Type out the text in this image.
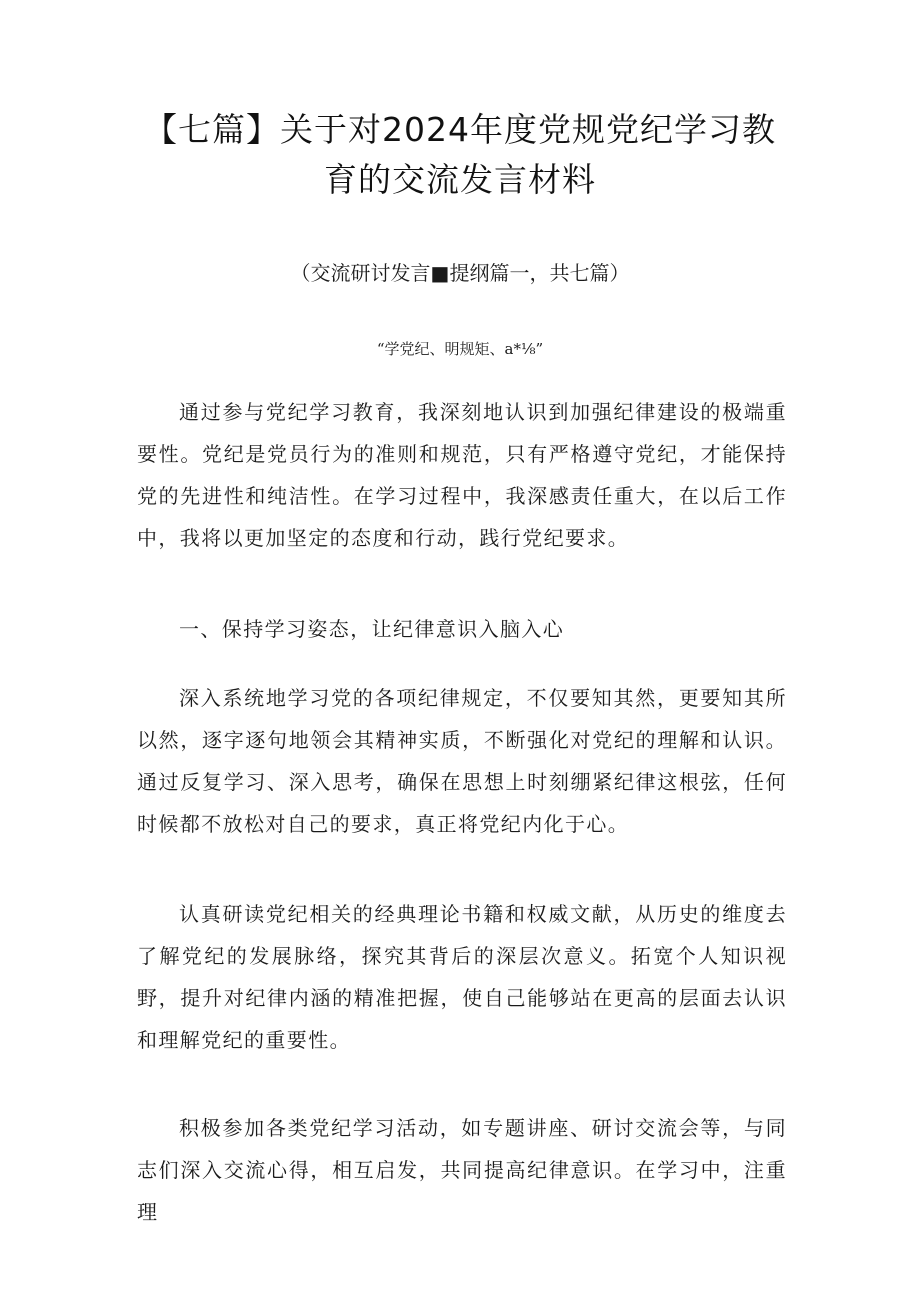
【七篇】关于对2024年度党规党纪学习教
育的交流发言材料
（交流研讨发言■提纲篇一，共七篇）
“学党纪、明规矩、a*⅛”

通过参与党纪学习教育，我深刻地认识到加强纪律建设的极端重要性。党纪是党员行为的准则和规范，只有严格遵守党纪，才能保持党的先进性和纯洁性。在学习过程中，我深感责任重大，在以后工作中，我将以更加坚定的态度和行动，践行党纪要求。

一、保持学习姿态，让纪律意识入脑入心

深入系统地学习党的各项纪律规定，不仅要知其然，更要知其所以然，逐字逐句地领会其精神实质，不断强化对党纪的理解和认识。通过反复学习、深入思考，确保在思想上时刻绷紧纪律这根弦，任何时候都不放松对自己的要求，真正将党纪内化于心。

认真研读党纪相关的经典理论书籍和权威文献，从历史的维度去了解党纪的发展脉络，探究其背后的深层次意义。拓宽个人知识视野，提升对纪律内涵的精准把握，使自己能够站在更高的层面去认识和理解党纪的重要性。

积极参加各类党纪学习活动，如专题讲座、研讨交流会等，与同志们深入交流心得，相互启发，共同提高纪律意识。在学习中，注重理
